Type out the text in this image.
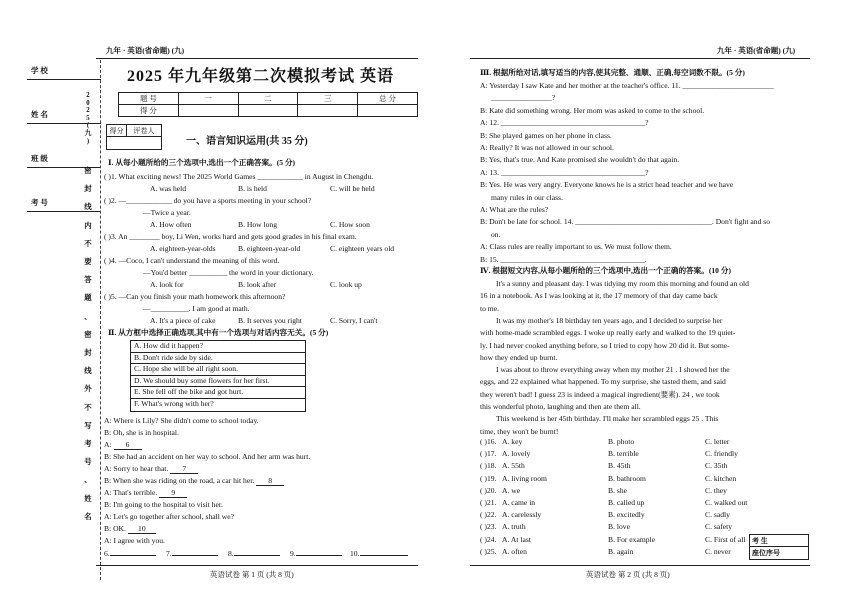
九年 · 英语(省命题) (九)	九年 · 英语(省命题) (九)
学 校
姓 名
班 级
考 号
2
0
2
5
(
九
)
密
封
线
内
不
要
答
题
、
密
封
线
外
不
写
考
号
、
姓
名
2025 年九年级第二次模拟考试 英语
题 号	一	二	三	总 分
得 分				
得分	评卷人
一、语言知识运用(共 35 分)
Ⅰ. 从每小题所给的三个选项中,选出一个正确答案。(5 分)
( )1. What exciting news! The 2025 World Games ____________ in August in Chengdu.
A. was held	B. is held	C. will be held
( )2. —____________ do you have a sports meeting in your school?
—Twice a year.
A. How often	B. How long	C. How soon
( )3. An ________ boy, Li Wen, works hard and gets good grades in his final exam.
A. eighteen-year-olds	B. eighteen-year-old	C. eighteen years old
( )4. —Coco, I can't understand the meaning of this word.
—You'd better __________ the word in your dictionary.
A. look for	B. look after	C. look up
( )5. —Can you finish your math homework this afternoon?
—__________. I am good at math.
A. It's a piece of cake	B. It serves you right	C. Sorry, I can't
Ⅱ. 从方框中选择正确选项,其中有一个选项与对话内容无关。(5 分)
A. How did it happen?
B. Don't ride side by side.
C. Hope she will be all right soon.
D. We should buy some flowers for her first.
E. She fell off the bike and got hurt.
F. What's wrong with her?
A: Where is Lily? She didn't come to school today.
B: Oh, she is in hospital.
A: 6
B: She had an accident on her way to school. And her arm was hurt.
A: Sorry to hear that. 7
B: When she was riding on the road, a car hit her. 8
A: That's terrible. 9
B: I'm going to the hospital to visit her.
A: Let's go together after school, shall we?
B: OK. 10
A: I agree with you.
6.	7.	8.	9.	10.
英语试卷 第 1 页 (共 8 页)
Ⅲ. 根据所给对话,填写适当的内容,使其完整、通顺、正确,每空词数不限。(5 分)
A: Yesterday I saw Kate and her mother at the teacher's office. 11. ________________________
________________?
B: Kate did something wrong. Her mom was asked to come to the school.
A: 12. ______________________________________?
B: She played games on her phone in class.
A: Really? It was not allowed in our school.
B: Yes, that's true. And Kate promised she wouldn't do that again.
A: 13. ______________________________________?
B: Yes. He was very angry. Everyone knows he is a strict head teacher and we have
many rules in our class.
A: What are the rules?
B: Don't be late for school. 14. ____________________________________. Don't fight and so
on.
A: Class rules are really important to us. We must follow them.
B: 15. ______________________________________.
Ⅳ. 根据短文内容,从每小题所给的三个选项中,选出一个正确的答案。(10 分)
It's a sunny and pleasant day. I was tidying my room this morning and found an old
16 in a notebook. As I was looking at it, the 17 memory of that day came back
to me.
It was my mother's 18 birthday ten years ago, and I decided to surprise her
with home-made scrambled eggs. I woke up really early and walked to the 19 quiet-
ly. I had never cooked anything before, so I tried to copy how 20 did it. But some-
how they ended up burnt.
I was about to throw everything away when my mother 21 . I showed her the
eggs, and 22 explained what happened. To my surprise, she tasted them, and said
they weren't bad! I guess 23 is indeed a magical ingredient(要素). 24 , we took
this wonderful photo, laughing and then ate them all.
This weekend is her 45th birthday. I'll make her scrambled eggs 25 . This
time, they won't be burnt!
( )16. A. key	B. photo	C. letter
( )17. A. lovely	B. terrible	C. friendly
( )18. A. 55th	B. 45th	C. 35th
( )19. A. living room	B. bathroom	C. kitchen
( )20. A. we	B. she	C. they
( )21. A. came in	B. called up	C. walked out
( )22. A. carelessly	B. excitedly	C. sadly
( )23. A. truth	B. love	C. safety
( )24. A. At last	B. For example	C. First of all
( )25. A. often	B. again	C. never
考 生
座位序号
英语试卷 第 2 页 (共 8 页)
